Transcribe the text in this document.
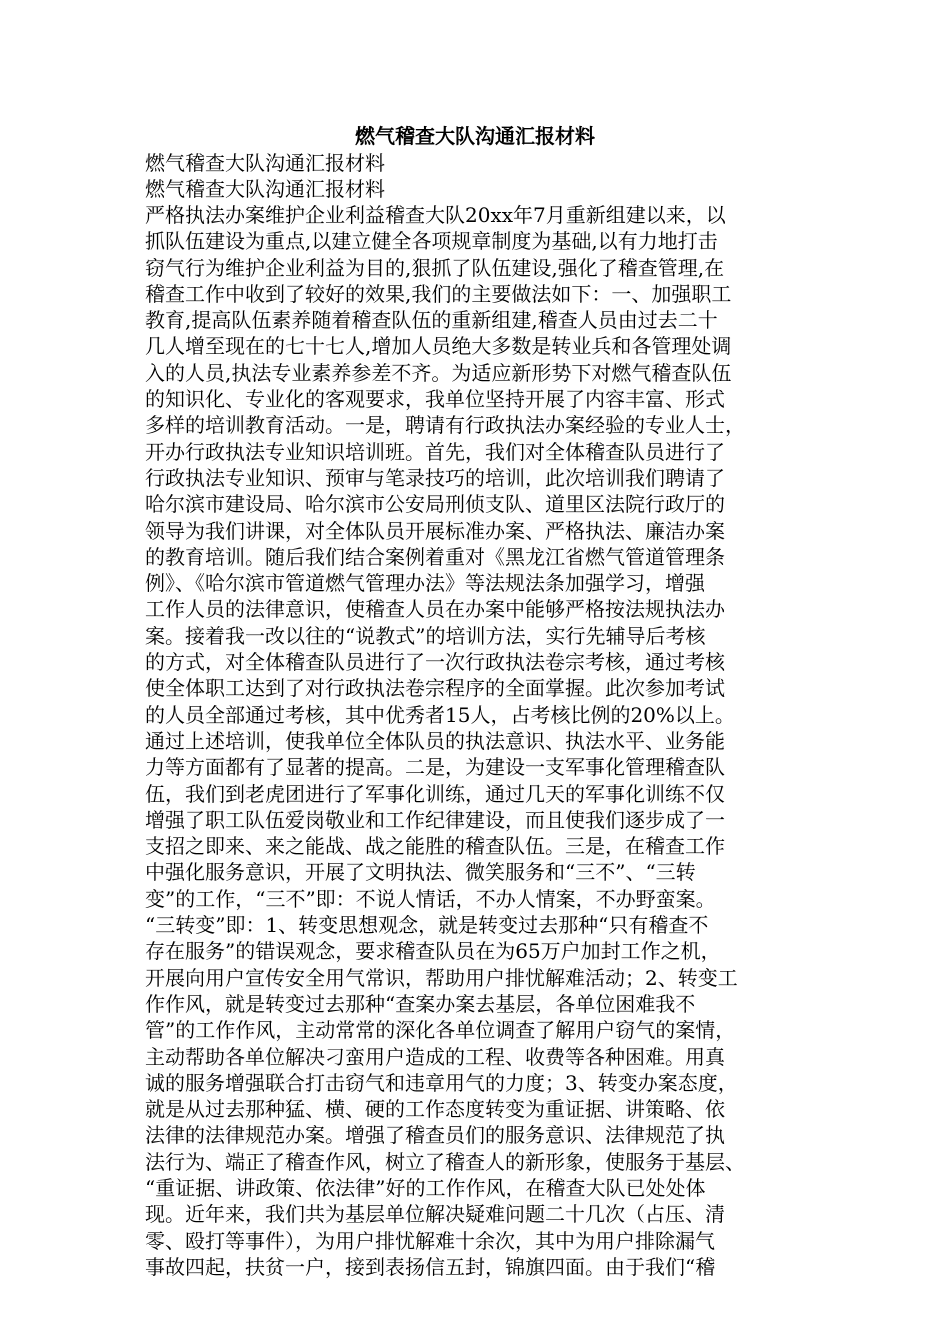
燃气稽查大队沟通汇报材料

燃气稽查大队沟通汇报材料

燃气稽查大队沟通汇报材料

严格执法办案维护企业利益稽查大队20xx年7月重新组建以来，以
抓队伍建设为重点,以建立健全各项规章制度为基础,以有力地打击
窃气行为维护企业利益为目的,狠抓了队伍建设,强化了稽查管理,在
稽查工作中收到了较好的效果,我们的主要做法如下：一、加强职工
教育,提高队伍素养随着稽查队伍的重新组建,稽查人员由过去二十
几人增至现在的七十七人,增加人员绝大多数是转业兵和各管理处调
入的人员,执法专业素养参差不齐。为适应新形势下对燃气稽查队伍
的知识化、专业化的客观要求，我单位坚持开展了内容丰富、形式
多样的培训教育活动。一是，聘请有行政执法办案经验的专业人士，
开办行政执法专业知识培训班。首先，我们对全体稽查队员进行了
行政执法专业知识、预审与笔录技巧的培训，此次培训我们聘请了
哈尔滨市建设局、哈尔滨市公安局刑侦支队、道里区法院行政厅的
领导为我们讲课，对全体队员开展标准办案、严格执法、廉洁办案
的教育培训。随后我们结合案例着重对《黑龙江省燃气管道管理条
例》、《哈尔滨市管道燃气管理办法》等法规法条加强学习，增强
工作人员的法律意识，使稽查人员在办案中能够严格按法规执法办
案。接着我一改以往的“说教式”的培训方法，实行先辅导后考核
的方式，对全体稽查队员进行了一次行政执法卷宗考核，通过考核
使全体职工达到了对行政执法卷宗程序的全面掌握。此次参加考试
的人员全部通过考核，其中优秀者15人，占考核比例的20%以上。
通过上述培训，使我单位全体队员的执法意识、执法水平、业务能
力等方面都有了显著的提高。二是，为建设一支军事化管理稽查队
伍，我们到老虎团进行了军事化训练，通过几天的军事化训练不仅
增强了职工队伍爱岗敬业和工作纪律建设，而且使我们逐步成了一
支招之即来、来之能战、战之能胜的稽查队伍。三是，在稽查工作
中强化服务意识，开展了文明执法、微笑服务和“三不”、“三转
变”的工作，“三不”即：不说人情话，不办人情案，不办野蛮案。
“三转变”即：1、转变思想观念，就是转变过去那种“只有稽查不
存在服务”的错误观念，要求稽查队员在为65万户加封工作之机，
开展向用户宣传安全用气常识，帮助用户排忧解难活动；2、转变工
作作风，就是转变过去那种“查案办案去基层，各单位困难我不
管”的工作作风，主动常常的深化各单位调查了解用户窃气的案情，
主动帮助各单位解决刁蛮用户造成的工程、收费等各种困难。用真
诚的服务增强联合打击窃气和违章用气的力度；3、转变办案态度，
就是从过去那种猛、横、硬的工作态度转变为重证据、讲策略、依
法律的法律规范办案。增强了稽查员们的服务意识、法律规范了执
法行为、端正了稽查作风，树立了稽查人的新形象，使服务于基层、
“重证据、讲政策、依法律”好的工作作风，在稽查大队已处处体
现。近年来，我们共为基层单位解决疑难问题二十几次（占压、清
零、殴打等事件），为用户排忧解难十余次，其中为用户排除漏气
事故四起，扶贫一户，接到表扬信五封，锦旗四面。由于我们“稽
